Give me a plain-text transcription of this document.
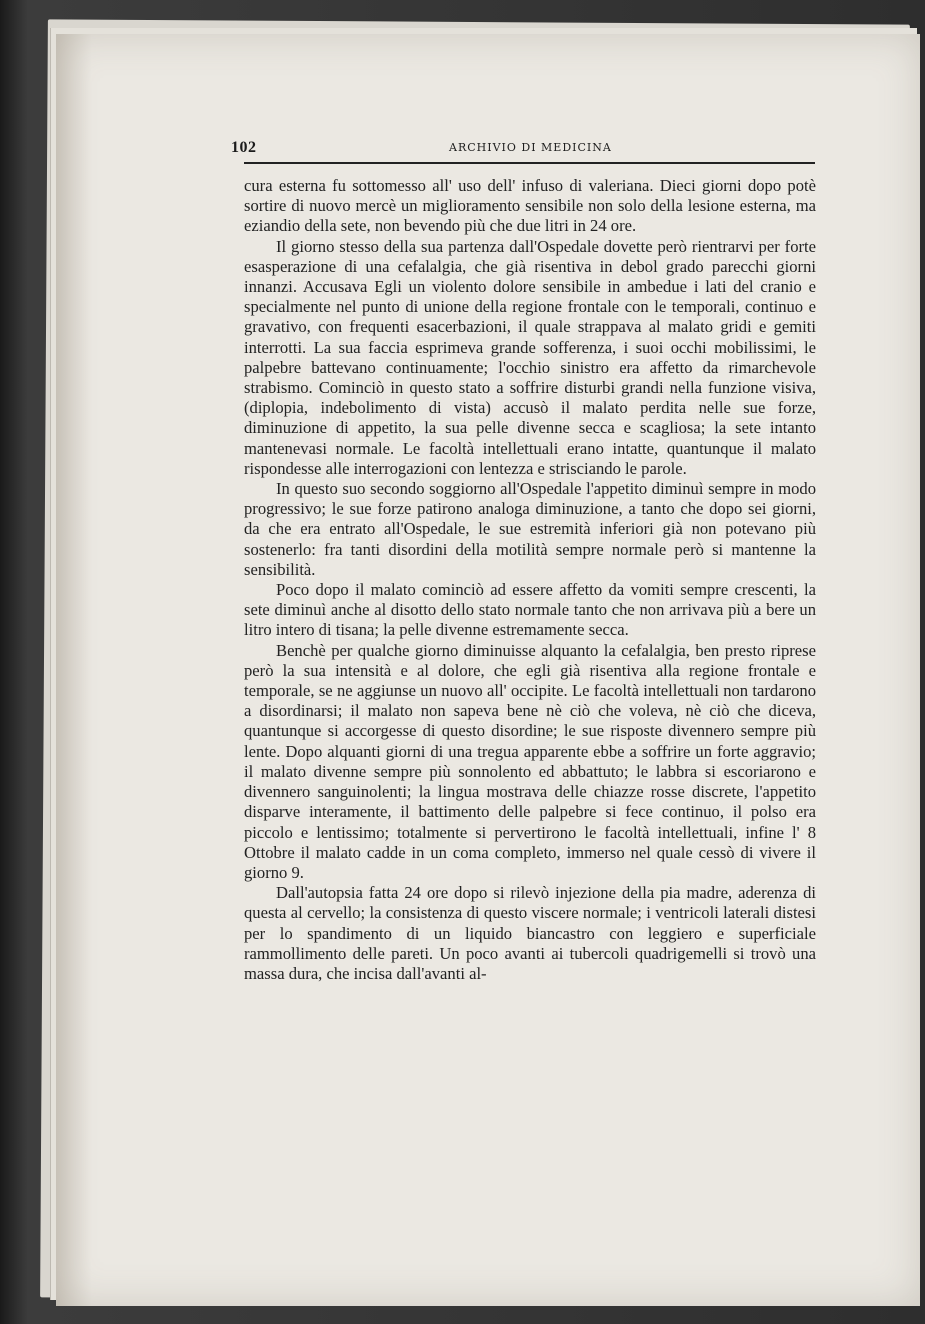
102	ARCHIVIO DI MEDICINA

cura esterna fu sottomesso all' uso dell' infuso di valeriana. Dieci giorni dopo potè sortire di nuovo mercè un miglioramento sensibile non solo della lesione esterna, ma eziandio della sete, non bevendo più che due litri in 24 ore.

Il giorno stesso della sua partenza dall'Ospedale dovette però rientrarvi per forte esasperazione di una cefalalgia, che già risentiva in debol grado parecchi giorni innanzi. Accusava Egli un violento dolore sensibile in ambedue i lati del cranio e specialmente nel punto di unione della regione frontale con le temporali, continuo e gravativo, con frequenti esacerbazioni, il quale strappava al malato gridi e gemiti interrotti. La sua faccia esprimeva grande sofferenza, i suoi occhi mobilissimi, le palpebre battevano continuamente; l'occhio sinistro era affetto da rimarchevole strabismo. Cominciò in questo stato a soffrire disturbi grandi nella funzione visiva, (diplopia, indebolimento di vista) accusò il malato perdita nelle sue forze, diminuzione di appetito, la sua pelle divenne secca e scagliosa; la sete intanto mantenevasi normale. Le facoltà intellettuali erano intatte, quantunque il malato rispondesse alle interrogazioni con lentezza e strisciando le parole.

In questo suo secondo soggiorno all'Ospedale l'appetito diminuì sempre in modo progressivo; le sue forze patirono analoga diminuzione, a tanto che dopo sei giorni, da che era entrato all'Ospedale, le sue estremità inferiori già non potevano più sostenerlo: fra tanti disordini della motilità sempre normale però si mantenne la sensibilità.

Poco dopo il malato cominciò ad essere affetto da vomiti sempre crescenti, la sete diminuì anche al disotto dello stato normale tanto che non arrivava più a bere un litro intero di tisana; la pelle divenne estremamente secca.

Benchè per qualche giorno diminuisse alquanto la cefalalgia, ben presto riprese però la sua intensità e al dolore, che egli già risentiva alla regione frontale e temporale, se ne aggiunse un nuovo all' occipite. Le facoltà intellettuali non tardarono a disordinarsi; il malato non sapeva bene nè ciò che voleva, nè ciò che diceva, quantunque si accorgesse di questo disordine; le sue risposte divennero sempre più lente. Dopo alquanti giorni di una tregua apparente ebbe a soffrire un forte aggravio; il malato divenne sempre più sonnolento ed abbattuto; le labbra si escoriarono e divennero sanguinolenti; la lingua mostrava delle chiazze rosse discrete, l'appetito disparve interamente, il battimento delle palpebre si fece continuo, il polso era piccolo e lentissimo; totalmente si pervertirono le facoltà intellettuali, infine l' 8 Ottobre il malato cadde in un coma completo, immerso nel quale cessò di vivere il giorno 9.

Dall'autopsia fatta 24 ore dopo si rilevò injezione della pia madre, aderenza di questa al cervello; la consistenza di questo viscere normale; i ventricoli laterali distesi per lo spandimento di un liquido biancastro con leggiero e superficiale rammollimento delle pareti. Un poco avanti ai tubercoli quadrigemelli si trovò una massa dura, che incisa dall'avanti al-
